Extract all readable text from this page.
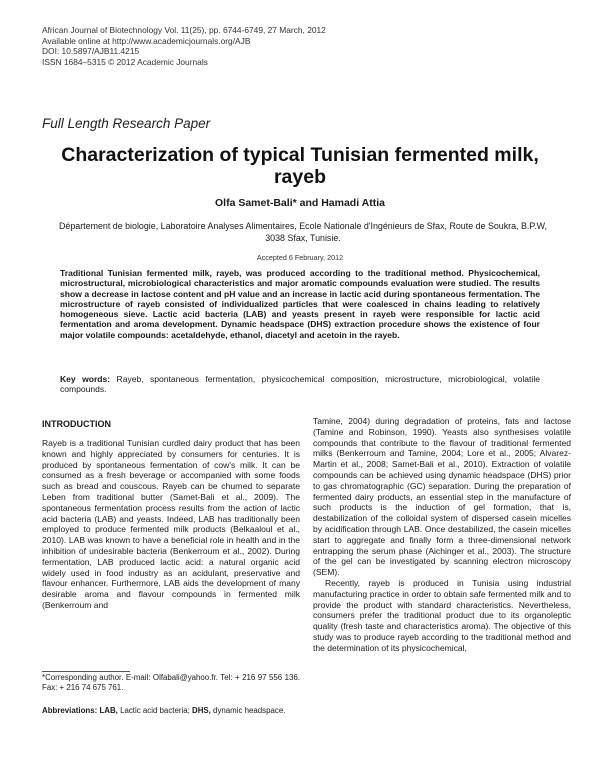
African Journal of Biotechnology Vol. 11(25), pp. 6744-6749, 27 March, 2012
Available online at http://www.academicjournals.org/AJB
DOI: 10.5897/AJB11.4215
ISSN 1684–5315 © 2012 Academic Journals
Full Length Research Paper
Characterization of typical Tunisian fermented milk, rayeb
Olfa Samet-Bali* and Hamadi Attia
Département de biologie, Laboratoire Analyses Alimentaires, Ecole Nationale d'Ingénieurs de Sfax, Route de Soukra, B.P.W, 3038 Sfax, Tunisie.
Accepted 6 February, 2012
Traditional Tunisian fermented milk, rayeb, was produced according to the traditional method. Physicochemical, microstructural, microbiological characteristics and major aromatic compounds evaluation were studied. The results show a decrease in lactose content and pH value and an increase in lactic acid during spontaneous fermentation. The microstructure of rayeb consisted of individualized particles that were coalesced in chains leading to relatively homogeneous sieve. Lactic acid bacteria (LAB) and yeasts present in rayeb were responsible for lactic acid fermentation and aroma development. Dynamic headspace (DHS) extraction procedure shows the existence of four major volatile compounds: acetaldehyde, ethanol, diacetyl and acetoin in the rayeb.
Key words: Rayeb, spontaneous fermentation, physicochemical composition, microstructure, microbiological, volatile compounds.
INTRODUCTION

Rayeb is a traditional Tunisian curdled dairy product that has been known and highly appreciated by consumers for centuries. It is produced by spontaneous fermentation of cow's milk. It can be consumed as a fresh beverage or accompanied with some foods such as bread and couscous. Rayeb can be churned to separate Leben from traditional butter (Samet-Bali et al., 2009). The spontaneous fermentation process results from the action of lactic acid bacteria (LAB) and yeasts. Indeed, LAB has traditionally been employed to produce fermented milk products (Belkaaloul et al., 2010). LAB was known to have a beneficial role in health and in the inhibition of undesirable bacteria (Benkerroum et al., 2002). During fermentation, LAB produced lactic acid: a natural organic acid widely used in food industry as an acidulant, preservative and flavour enhancer. Furthermore, LAB aids the development of many desirable aroma and flavour compounds in fermented milk (Benkerroum and

*Corresponding author. E-mail: Olfabali@yahoo.fr. Tel: + 216 97 556 136. Fax: + 216 74 675 761.
Abbreviations: LAB, Lactic acid bacteria; DHS, dynamic headspace.

Tamine, 2004) during degradation of proteins, fats and lactose (Tamine and Robinson, 1990). Yeasts also synthesises volatile compounds that contribute to the flavour of traditional fermented milks (Benkerroum and Tamine, 2004; Lore et al., 2005; Alvarez-Martin et al., 2008; Samet-Bali et al., 2010). Extraction of volatile compounds can be achieved using dynamic headspace (DHS) prior to gas chromatographic (GC) separation. During the preparation of fermented dairy products, an essential step in the manufacture of such products is the induction of gel formation, that is, destabilization of the colloidal system of dispersed casein micelles by acidification through LAB. Once destabilized, the casein micelles start to aggregate and finally form a three-dimensional network entrapping the serum phase (Aichinger et al., 2003). The structure of the gel can be investigated by scanning electron microscopy (SEM).

Recently, rayeb is produced in Tunisia using industrial manufacturing practice in order to obtain safe fermented milk and to provide the product with standard characteristics. Nevertheless, consumers prefer the traditional product due to its organoleptic quality (fresh taste and characteristics aroma). The objective of this study was to produce rayeb according to the traditional method and the determination of its physicochemical,
